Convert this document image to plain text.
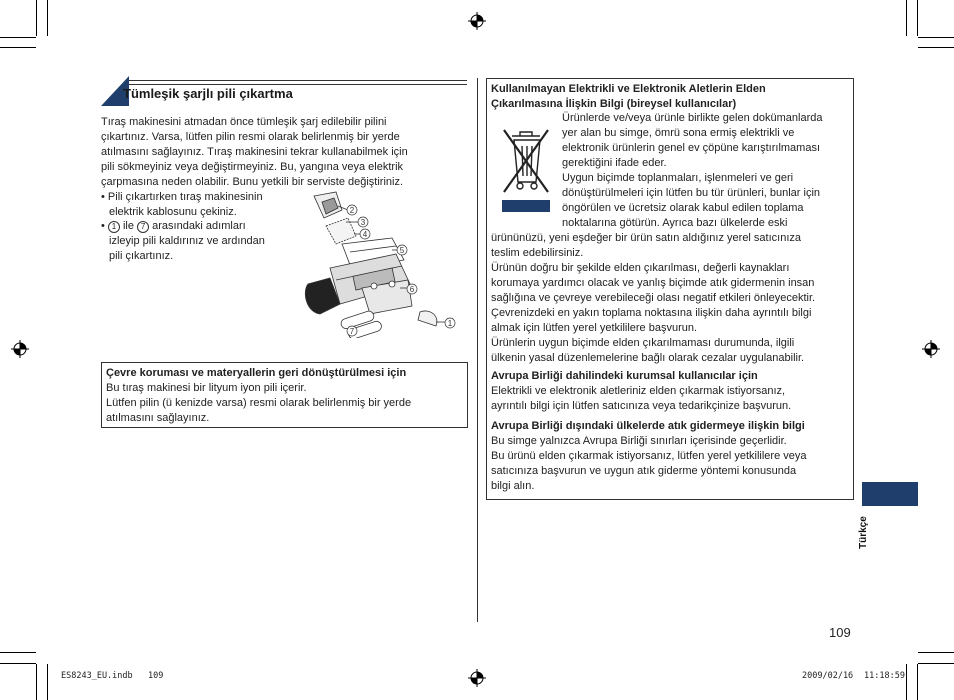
Tümleşik şarjlı pili çıkartma

Tıraş makinesini atmadan önce tümleşik şarj edilebilir pilini

çıkartınız. Varsa, lütfen pilin resmi olarak belirlenmiş bir yerde

atılmasını sağlayınız. Tıraş makinesini tekrar kullanabilmek için

pili sökmeyiniz veya değiştirmeyiniz. Bu, yangına veya elektrik

çarpmasına neden olabilir. Bunu yetkili bir serviste değiştiriniz.

• Pili çıkartırken tıraş makinesinin
elektrik kablosunu çekiniz.
• 1 ile 7 arasındaki adımları
izleyip pili kaldırınız ve ardından
pili çıkartınız.
2
3
4
5
6
1
7
Çevre koruması ve materyallerin geri dönüştürülmesi için
Bu tıraş makinesi bir lityum iyon pili içerir.
Lütfen pilin (ü kenizde varsa) resmi olarak belirlenmiş bir yerde
atılmasını sağlayınız.
Kullanılmayan Elektrikli ve Elektronik Aletlerin Elden
Çıkarılmasına İlişkin Bilgi (bireysel kullanıcılar)
Ürünlerde ve/veya ürünle birlikte gelen dokümanlarda
yer alan bu simge, ömrü sona ermiş elektrikli ve
elektronik ürünlerin genel ev çöpüne karıştırılmaması
gerektiğini ifade eder.
Uygun biçimde toplanmaları, işlenmeleri ve geri
dönüştürülmeleri için lütfen bu tür ürünleri, bunlar için
öngörülen ve ücretsiz olarak kabul edilen toplama
noktalarına götürün. Ayrıca bazı ülkelerde eski
ürününüzü, yeni eşdeğer bir ürün satın aldığınız yerel satıcınıza
teslim edebilirsiniz.
Ürünün doğru bir şekilde elden çıkarılması, değerli kaynakları
korumaya yardımcı olacak ve yanlış biçimde atık gidermenin insan
sağlığına ve çevreye verebileceği olası negatif etkileri önleyecektir.
Çevrenizdeki en yakın toplama noktasına ilişkin daha ayrıntılı bilgi
almak için lütfen yerel yetkililere başvurun.
Ürünlerin uygun biçimde elden çıkarılmaması durumunda, ilgili
ülkenin yasal düzenlemelerine bağlı olarak cezalar uygulanabilir.
Avrupa Birliği dahilindeki kurumsal kullanıcılar için
Elektrikli ve elektronik aletleriniz elden çıkarmak istiyorsanız,
ayrıntılı bilgi için lütfen satıcınıza veya tedarikçinize başvurun.
Avrupa Birliği dışındaki ülkelerde atık gidermeye ilişkin bilgi
Bu simge yalnızca Avrupa Birliği sınırları içerisinde geçerlidir.
Bu ürünü elden çıkarmak istiyorsanız, lütfen yerel yetkililere veya
satıcınıza başvurun ve uygun atık giderme yöntemi konusunda
bilgi alın.
Türkçe
109
ES8243_EU.indb   109	2009/02/16 11:18:59
